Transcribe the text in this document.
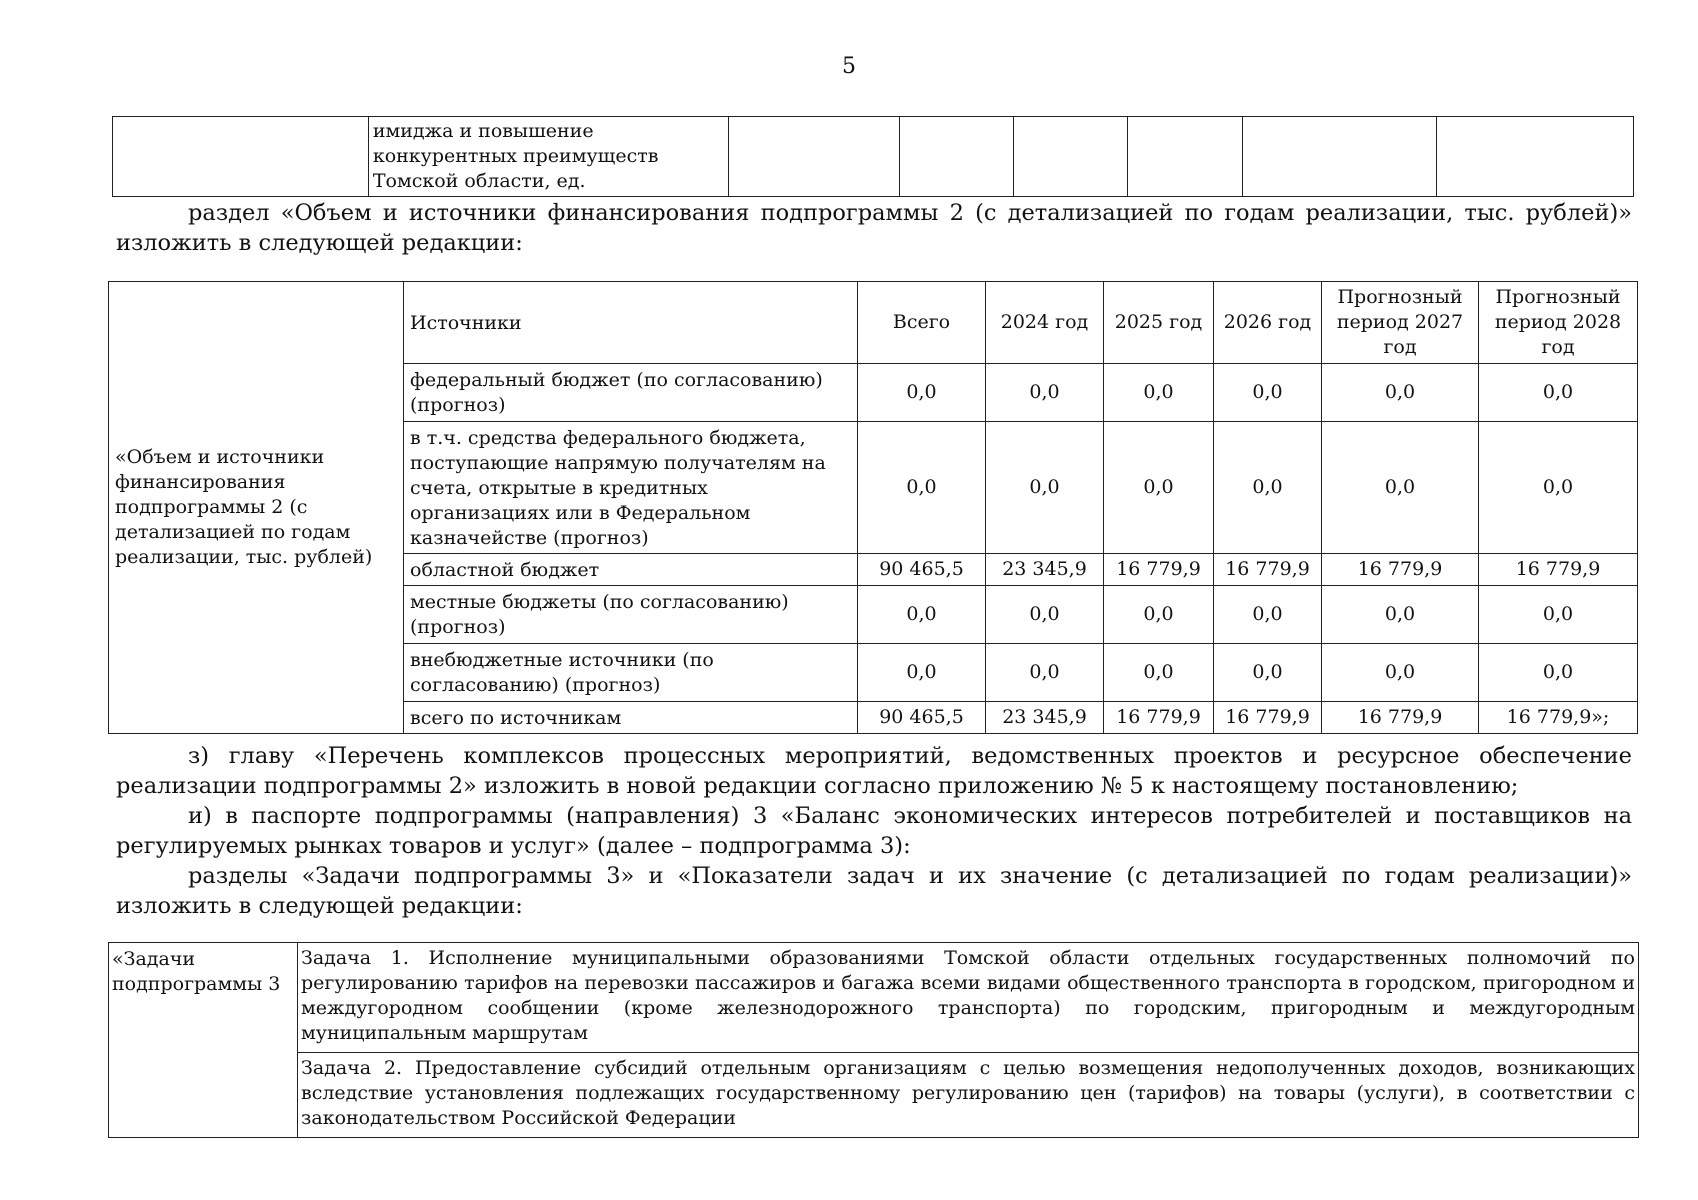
5
	имиджа и повышение конкурентных преимуществ Томской области, ед.						

раздел «Объем и источники финансирования подпрограммы 2 (с детализацией по годам реализации, тыс. рублей)» изложить в следующей редакции:

«Объем и источники финансирования подпрограммы 2 (с детализацией по годам реализации, тыс. рублей)	Источники	Всего	2024 год	2025 год	2026 год	Прогнозный период 2027 год	Прогнозный период 2028 год
	федеральный бюджет (по согласованию) (прогноз)	0,0	0,0	0,0	0,0	0,0	0,0
	в т.ч. средства федерального бюджета, поступающие напрямую получателям на счета, открытые в кредитных организациях или в Федеральном казначействе (прогноз)	0,0	0,0	0,0	0,0	0,0	0,0
	областной бюджет	90 465,5	23 345,9	16 779,9	16 779,9	16 779,9	16 779,9
	местные бюджеты (по согласованию) (прогноз)	0,0	0,0	0,0	0,0	0,0	0,0
	внебюджетные источники (по согласованию) (прогноз)	0,0	0,0	0,0	0,0	0,0	0,0
	всего по источникам	90 465,5	23 345,9	16 779,9	16 779,9	16 779,9	16 779,9»;

з) главу «Перечень комплексов процессных мероприятий, ведомственных проектов и ресурсное обеспечение реализации подпрограммы 2» изложить в новой редакции согласно приложению № 5 к настоящему постановлению;

и) в паспорте подпрограммы (направления) 3 «Баланс экономических интересов потребителей и поставщиков на регулируемых рынках товаров и услуг» (далее – подпрограмма 3):

разделы «Задачи подпрограммы 3» и «Показатели задач и их значение (с детализацией по годам реализации)» изложить в следующей редакции:

«Задачи подпрограммы 3	Задача 1. Исполнение муниципальными образованиями Томской области отдельных государственных полномочий по регулированию тарифов на перевозки пассажиров и багажа всеми видами общественного транспорта в городском, пригородном и междугородном сообщении (кроме железнодорожного транспорта) по городским, пригородным и междугородным муниципальным маршрутам
Задача 2. Предоставление субсидий отдельным организациям с целью возмещения недополученных доходов, возникающих вследствие установления подлежащих государственному регулированию цен (тарифов) на товары (услуги), в соответствии с законодательством Российской Федерации
